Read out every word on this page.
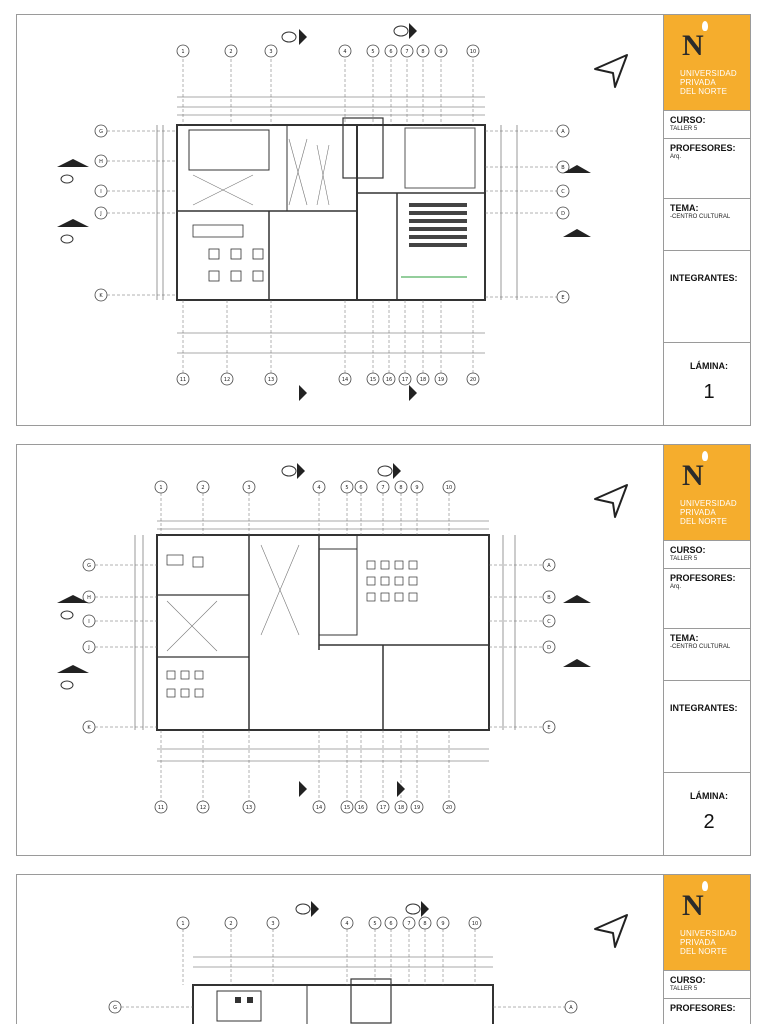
1	2	3	4	5	6	7	8	9	10
11	12	13	14	15 16 17 18 19	20
G
H
I
J
K
A
B
C
D
E
N
UNIVERSIDAD
PRIVADA
DEL NORTE
CURSO:
TALLER 5
PROFESORES:
Arq.
TEMA:
-CENTRO CULTURAL
INTEGRANTES:
LÁMINA:
1
1	2	3	4	5 6	7	8	9	10
11	12	13	14	15 16	17 18 19	20
G
H
I
J
K
A
B
C
D
E
N
UNIVERSIDAD
PRIVADA
DEL NORTE
CURSO:
TALLER 5
PROFESORES:
Arq.
TEMA:
-CENTRO CULTURAL
INTEGRANTES:
LÁMINA:
2
1	2	3	4	5	6	7	8	9	10
G	A
N
UNIVERSIDAD
PRIVADA
DEL NORTE
CURSO:
TALLER 5
PROFESORES:
